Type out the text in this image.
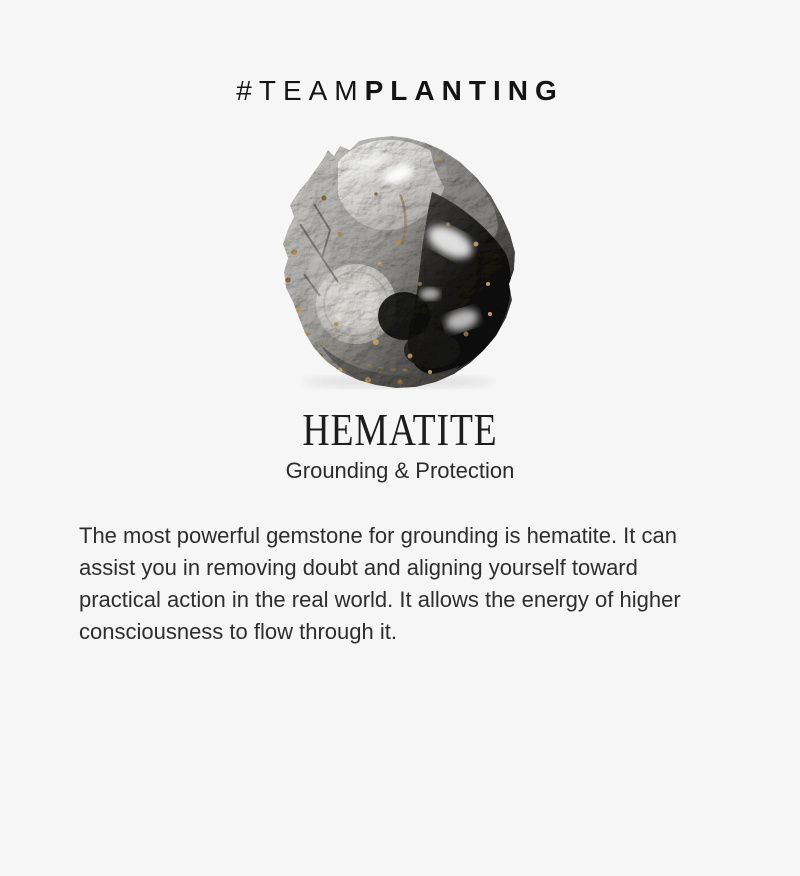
#TEAMPLANTING
HEMATITE
Grounding & Protection

The most powerful gemstone for grounding is hematite. It can assist you in removing doubt and aligning yourself toward practical action in the real world. It allows the energy of higher consciousness to flow through it.
